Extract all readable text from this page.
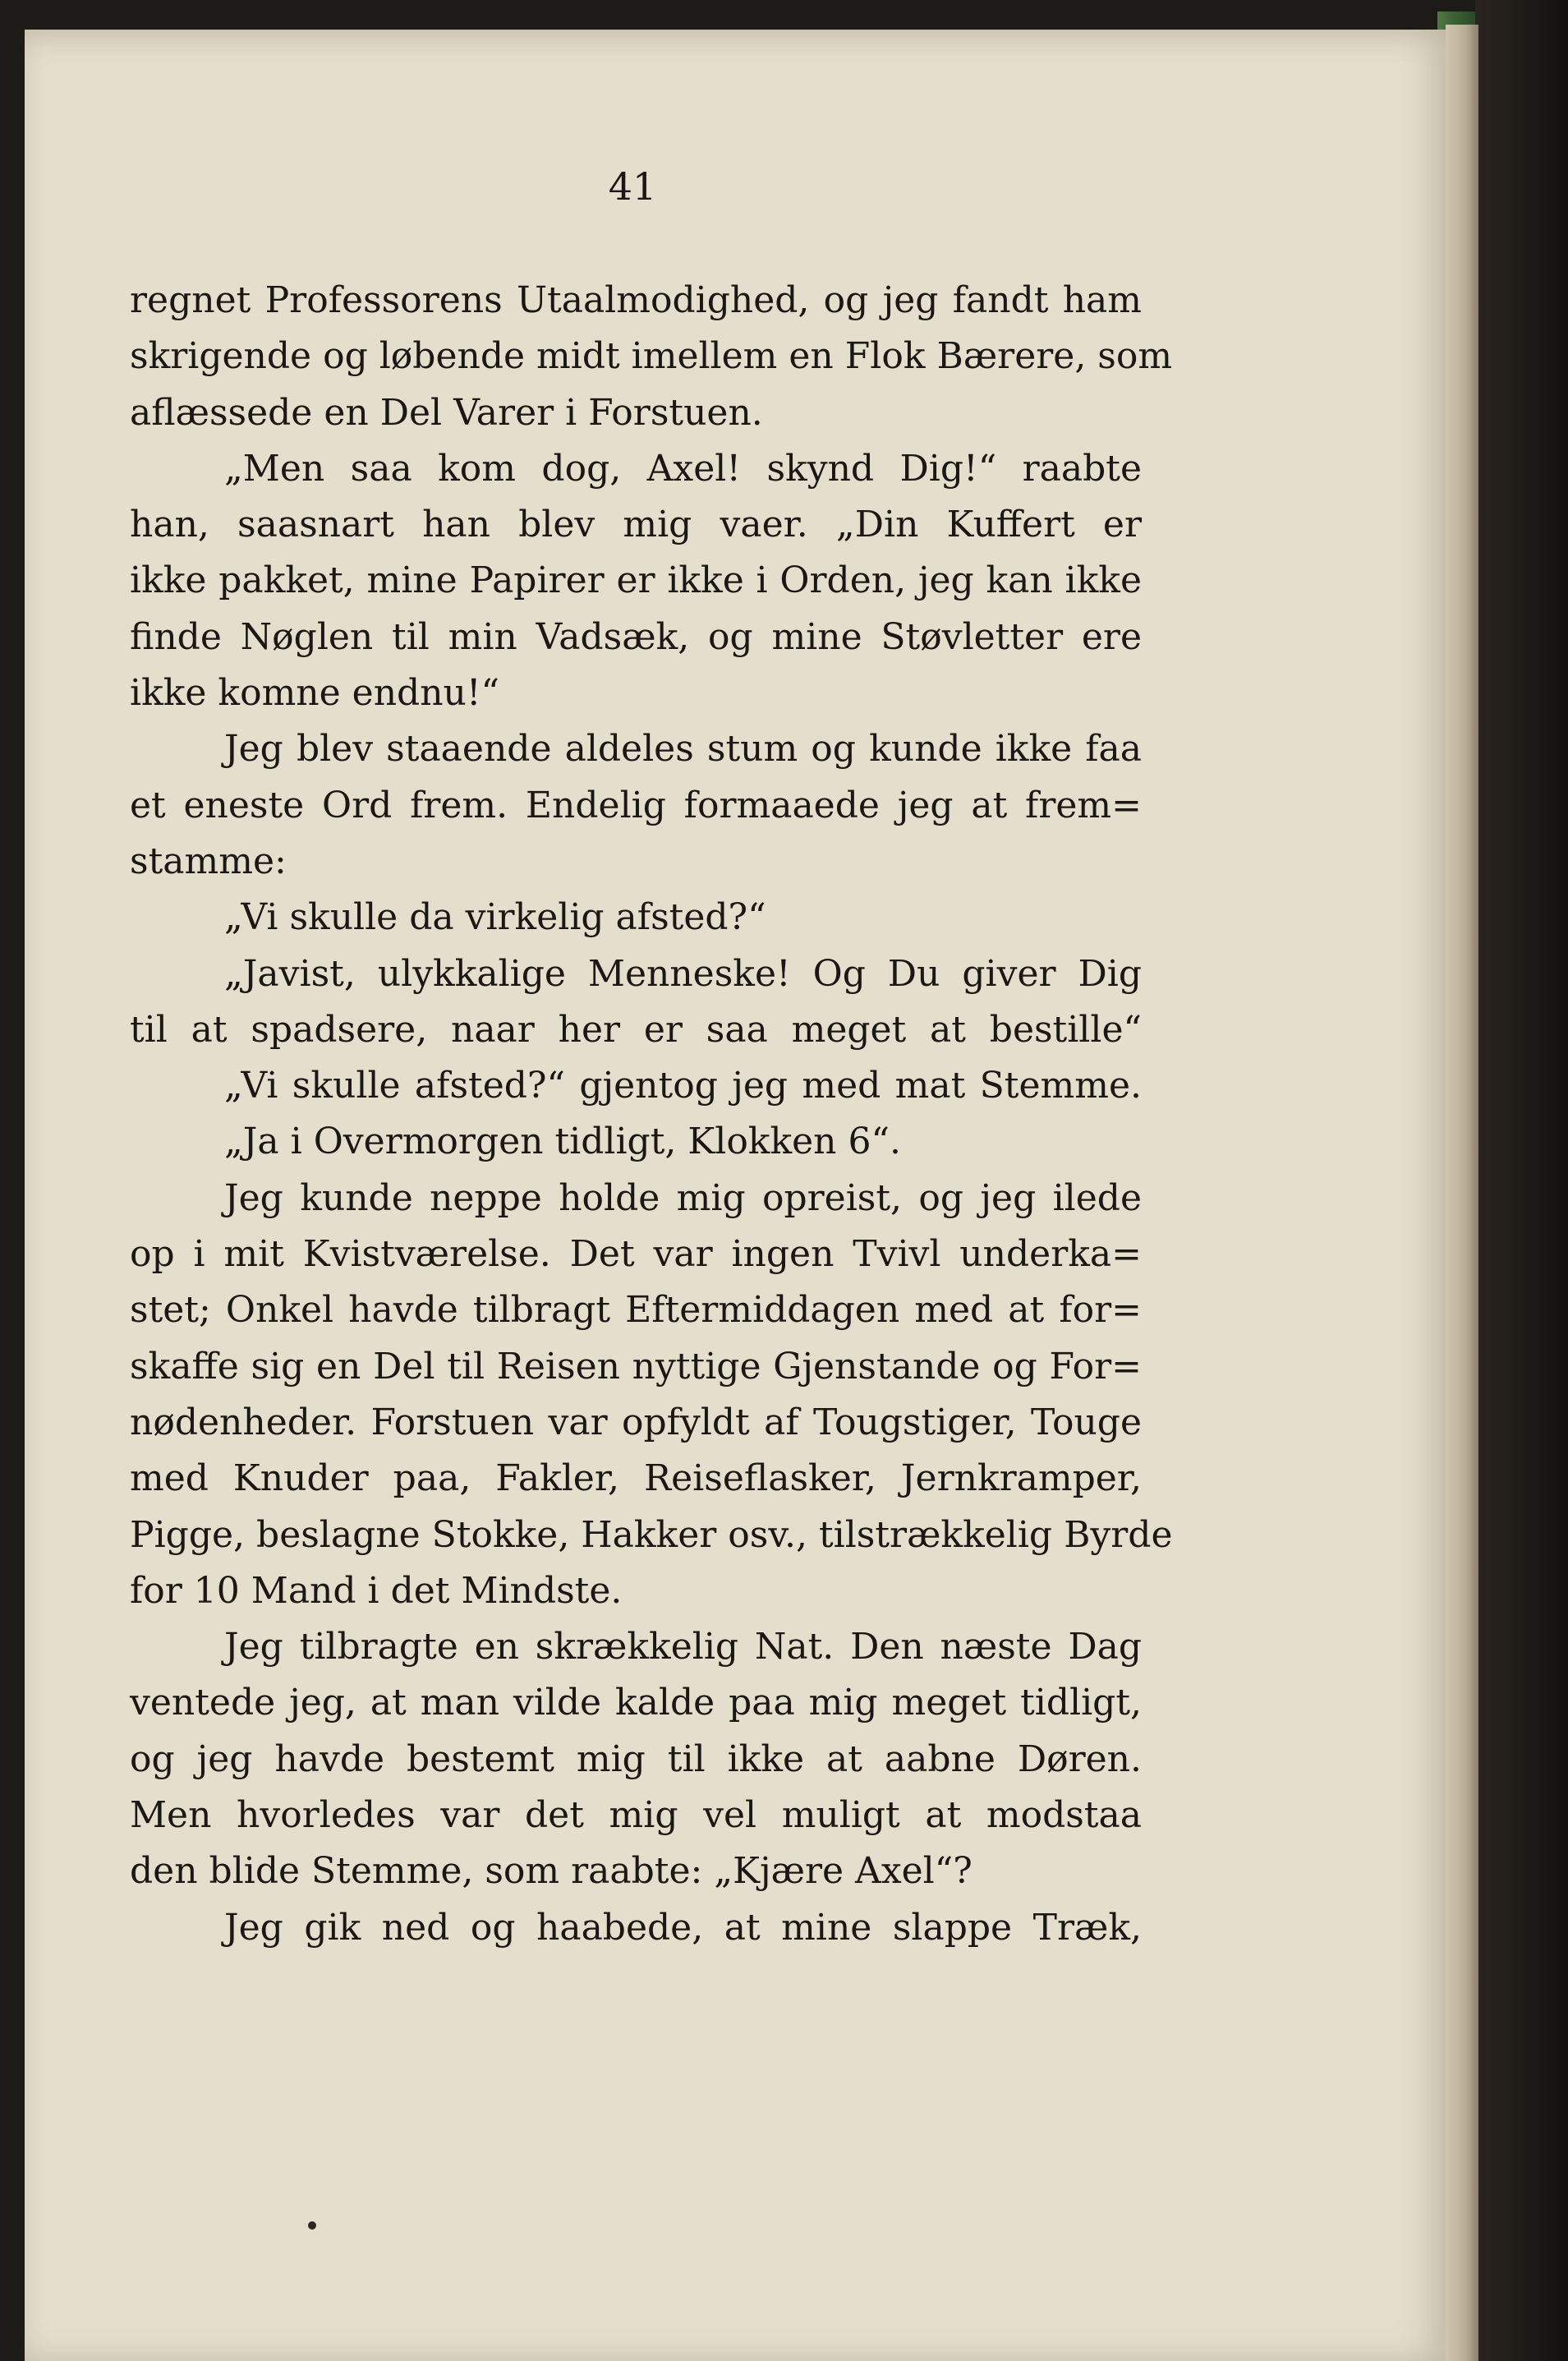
41
regnet Professorens Utaalmodighed, og jeg fandt ham
skrigende og løbende midt imellem en Flok Bærere, som
aflæssede en Del Varer i Forstuen.
„Men saa kom dog, Axel! skynd Dig!“ raabte
han, saasnart han blev mig vaer. „Din Kuffert er
ikke pakket, mine Papirer er ikke i Orden, jeg kan ikke
finde Nøglen til min Vadsæk, og mine Støvletter ere
ikke komne endnu!“
Jeg blev staaende aldeles stum og kunde ikke faa
et eneste Ord frem. Endelig formaaede jeg at frem=
stamme:
„Vi skulle da virkelig afsted?“
„Javist, ulykkalige Menneske! Og Du giver Dig
til at spadsere, naar her er saa meget at bestille“
„Vi skulle afsted?“ gjentog jeg med mat Stemme.
„Ja i Overmorgen tidligt, Klokken 6“.
Jeg kunde neppe holde mig opreist, og jeg ilede
op i mit Kvistværelse. Det var ingen Tvivl underka=
stet; Onkel havde tilbragt Eftermiddagen med at for=
skaffe sig en Del til Reisen nyttige Gjenstande og For=
nødenheder. Forstuen var opfyldt af Tougstiger, Touge
med Knuder paa, Fakler, Reiseflasker, Jernkramper,
Pigge, beslagne Stokke, Hakker osv., tilstrækkelig Byrde
for 10 Mand i det Mindste.
Jeg tilbragte en skrækkelig Nat. Den næste Dag
ventede jeg, at man vilde kalde paa mig meget tidligt,
og jeg havde bestemt mig til ikke at aabne Døren.
Men hvorledes var det mig vel muligt at modstaa
den blide Stemme, som raabte: „Kjære Axel“?
Jeg gik ned og haabede, at mine slappe Træk,
